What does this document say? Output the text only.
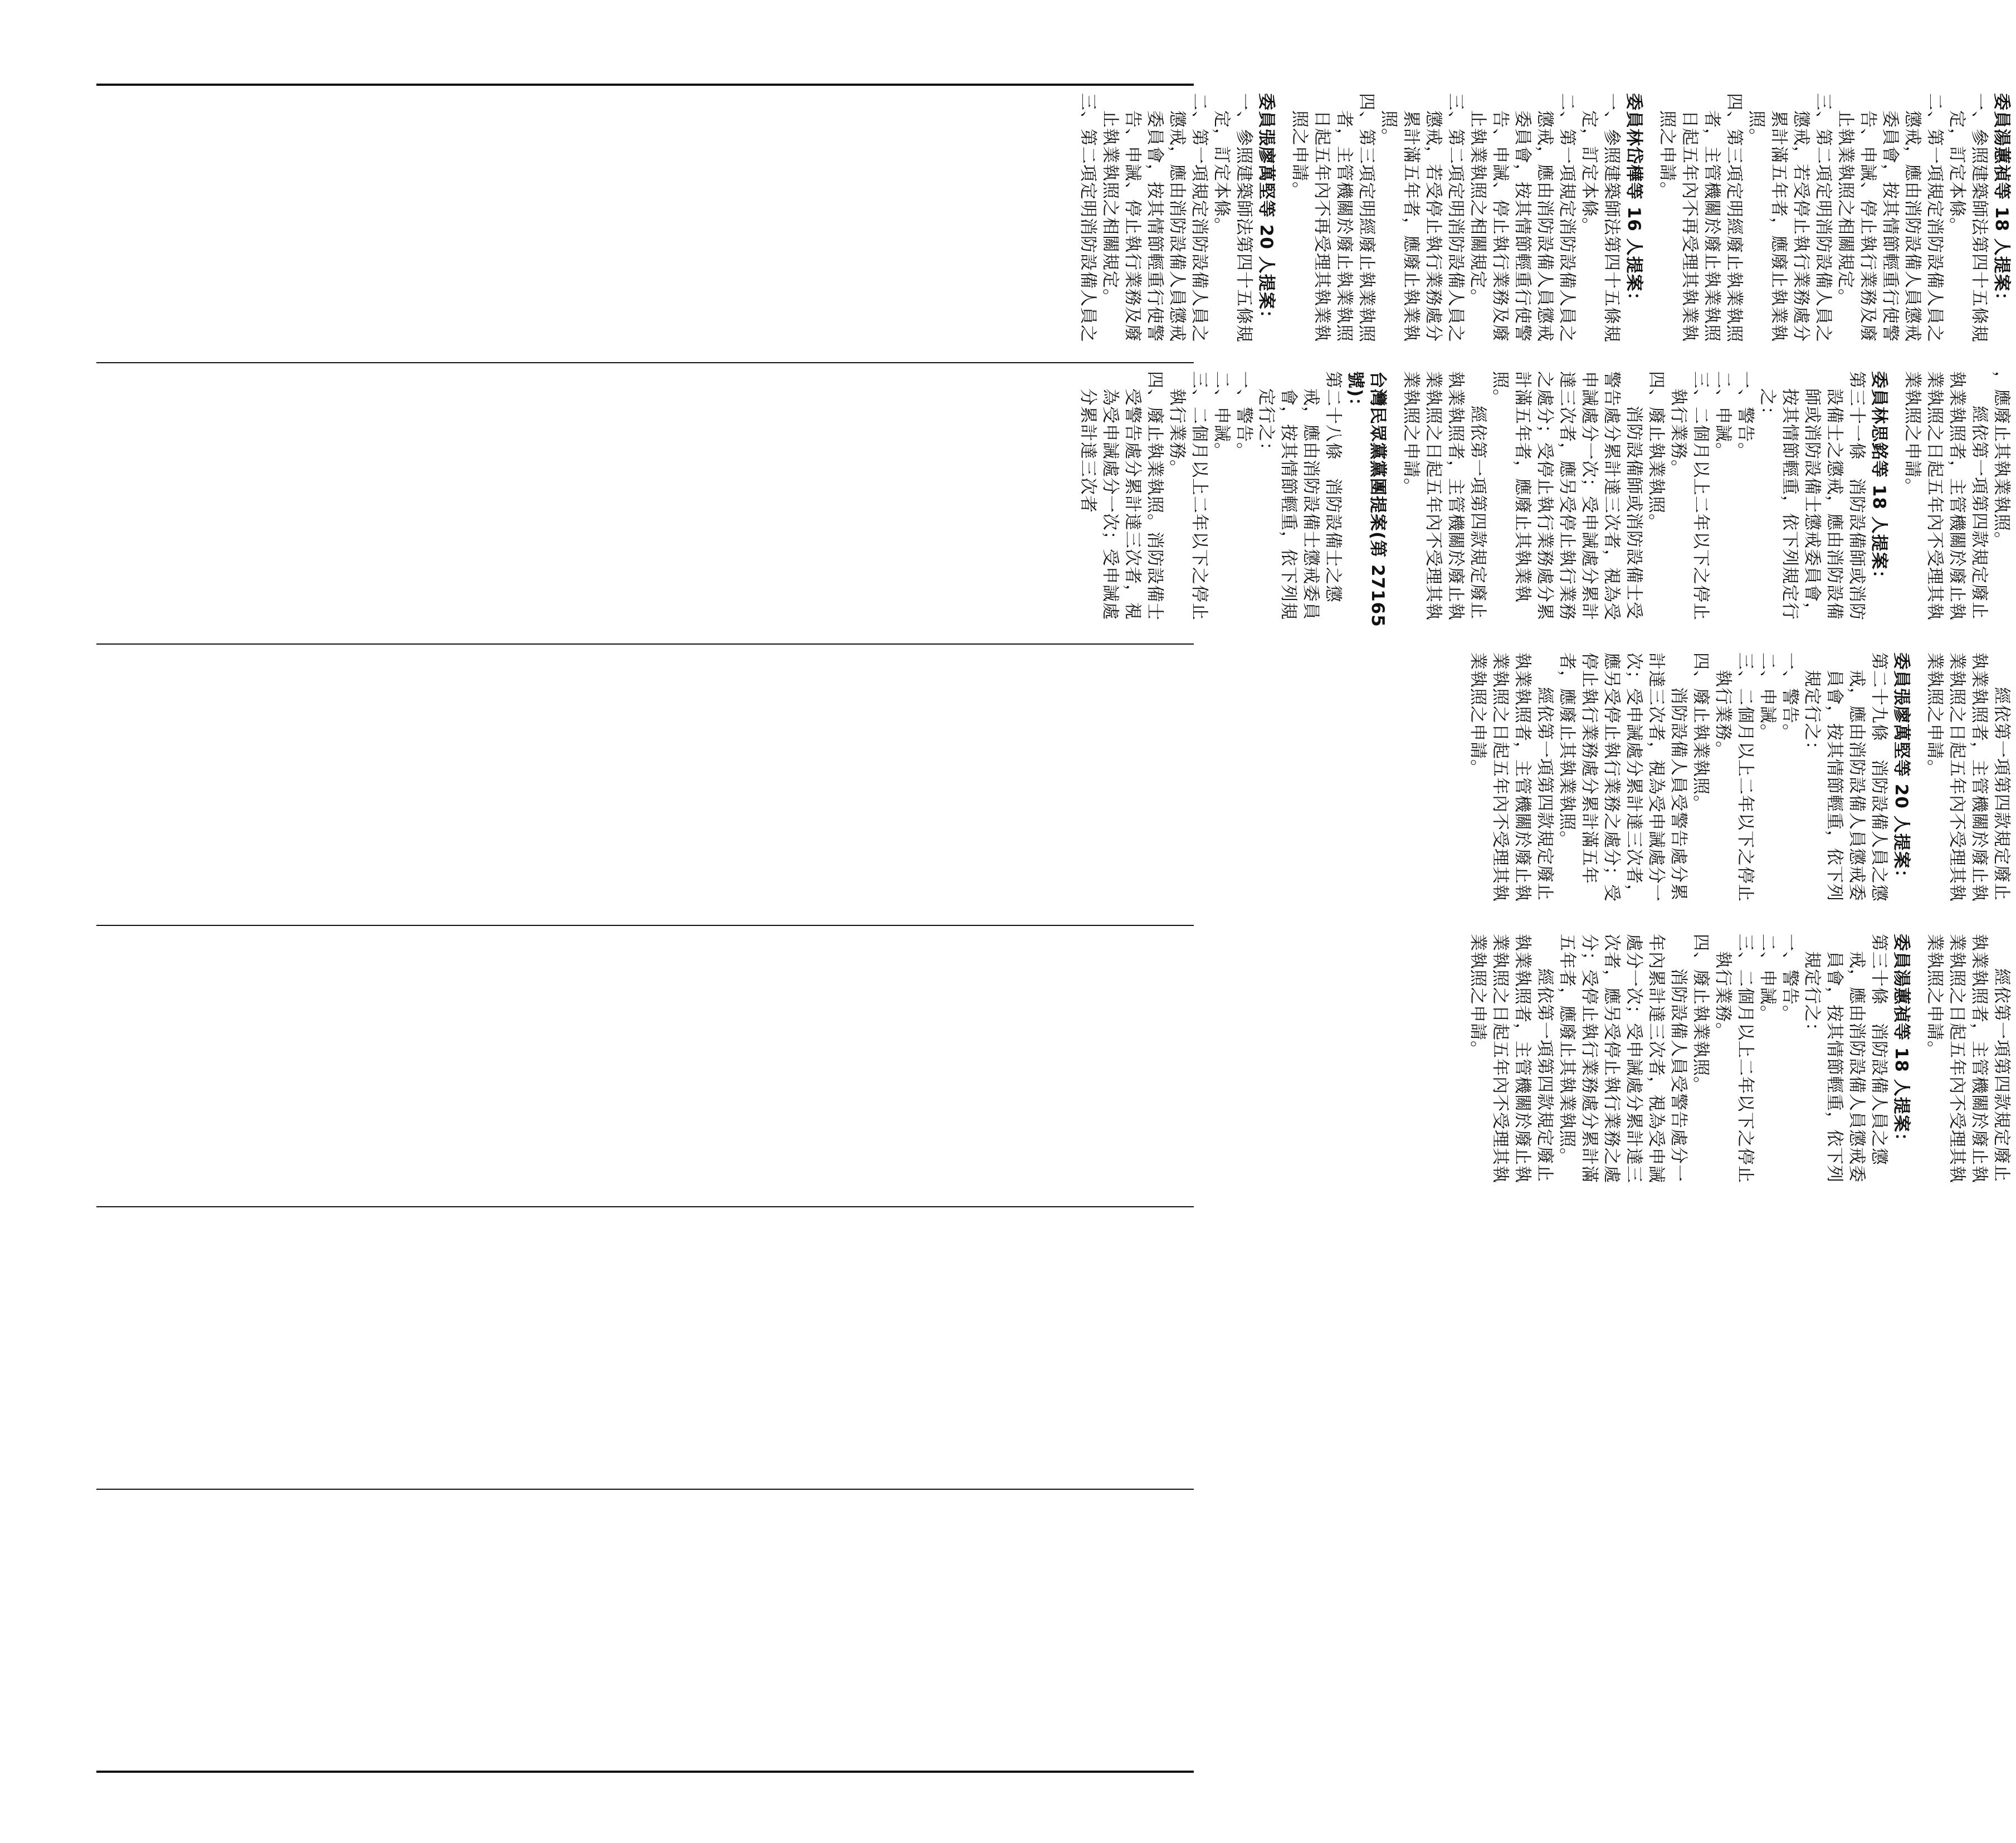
委員湯蕙禎等 18 人提案：

一、參照建築師法第四十五條規定，訂定本條。

二、第一項規定消防設備人員之懲戒，應由消防設備人員懲戒委員會，按其情節輕重行使警告、申誡、停止執行業務及廢止執業執照之相關規定。

三、第二項定明消防設備人員之懲戒，若受停止執行業務處分累計滿五年者，應廢止執業執照。

四、第三項定明經廢止執業執照者，主管機關於廢止執業執照日起五年內不再受理其執業執照之申請。

委員林岱樺等 16 人提案：

一、參照建築師法第四十五條規定，訂定本條。

二、第一項規定消防設備人員之懲戒，應由消防設備人員懲戒委員會，按其情節輕重行使警告、申誡、停止執行業務及廢止執業執照之相關規定。

三、第二項定明消防設備人員之懲戒，若受停止執行業務處分累計滿五年者，應廢止執業執照。

四、第三項定明經廢止執業執照者，主管機關於廢止執業執照日起五年內不再受理其執業執照之申請。

委員張廖萬堅等 20 人提案：

一、參照建築師法第四十五條規定，訂定本條。

二、第一項規定消防設備人員之懲戒，應由消防設備人員懲戒委員會，按其情節輕重行使警告、申誡、停止執行業務及廢止執業執照之相關規定。

三、第二項定明消防設備人員之

，應廢止其執業執照。

經依第一項第四款規定廢止執業執照者，主管機關於廢止執業執照之日起五年內不受理其執業執照之申請。

委員林思銘等 18 人提案：

第三十一條　消防設備師或消防設備士之懲戒，應由消防設備師或消防設備士懲戒委員會，按其情節輕重，依下列規定行之：

一、警告。

二、申誡。

三、二個月以上二年以下之停止執行業務。

四、廢止執業執照。

消防設備師或消防設備士受警告處分累計達三次者，視為受申誡處分一次；受申誡處分累計達三次者，應另受停止執行業務之處分；受停止執行業務處分累計滿五年者，應廢止其執業執照。

經依第一項第四款規定廢止執業執照者，主管機關於廢止執業執照之日起五年內不受理其執業執照之申請。

台灣民眾黨黨團提案(第 27165 號)：

第二十八條　消防設備士之懲戒，應由消防設備士懲戒委員會，按其情節輕重，依下列規定行之：

一、警告。

二、申誡。

三、二個月以上二年以下之停止執行業務。

四、廢止執業執照。消防設備士受警告處分累計達三次者，視為受申誡處分一次；受申誡處分累計達三次者

經依第一項第四款規定廢止執業執照者，主管機關於廢止執業執照之日起五年內不受理其執業執照之申請。

委員張廖萬堅等 20 人提案：

第二十九條　消防設備人員之懲戒，應由消防設備人員懲戒委員會，按其情節輕重，依下列規定行之：

一、警告。

二、申誡。

三、二個月以上二年以下之停止執行業務。

四、廢止執業執照。

消防設備人員受警告處分累計達三次者，視為受申誡處分一次；受申誡處分累計達三次者，應另受停止執行業務之處分；受停止執行業務處分累計滿五年者，應廢止其執業執照。

經依第一項第四款規定廢止執業執照者，主管機關於廢止執業執照之日起五年內不受理其執業執照之申請。

經依第一項第四款規定廢止執業執照者，主管機關於廢止執業執照之日起五年內不受理其執業執照之申請。

委員湯蕙禎等 18 人提案：

第三十條　消防設備人員之懲戒，應由消防設備人員懲戒委員會，按其情節輕重，依下列規定行之：

一、警告。

二、申誡。

三、二個月以上二年以下之停止執行業務。

四、廢止執業執照。

消防設備人員受警告處分一年內累計達三次者，視為受申誡處分一次；受申誡處分累計達三次者，應另受停止執行業務之處分；受停止執行業務處分累計滿五年者，應廢止其執業執照。

經依第一項第四款規定廢止執業執照者，主管機關於廢止執業執照之日起五年內不受理其執業執照之申請。
